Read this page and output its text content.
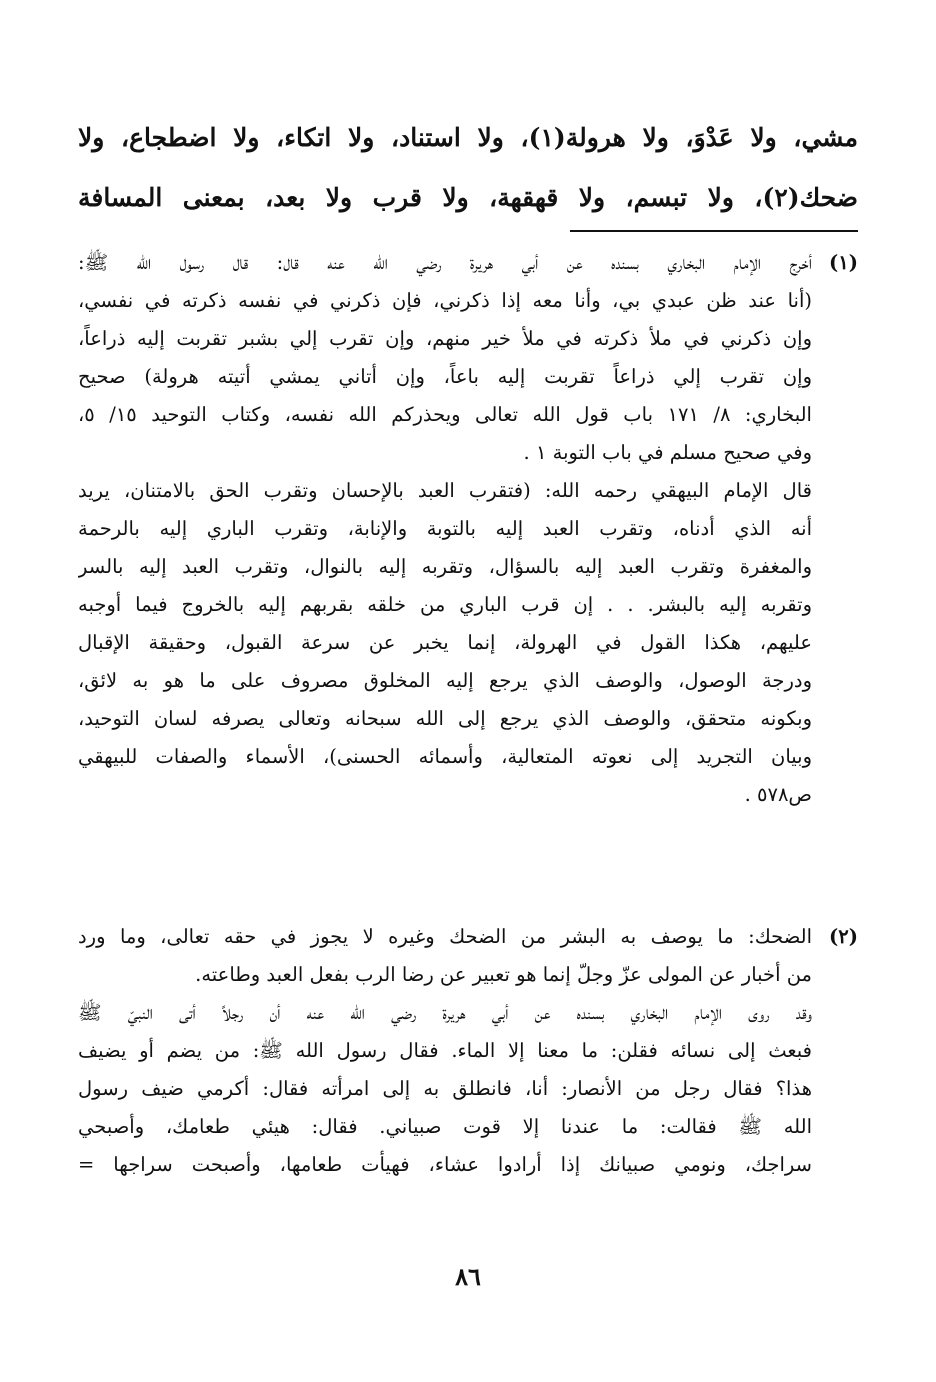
مشي، ولا عَدْوَ، ولا هرولة(١)، ولا استناد، ولا اتكاء، ولا اضطجاع، ولا
ضحك(٢)، ولا تبسم، ولا قهقهة، ولا قرب ولا بعد، بمعنى المسافة
(١)
أخرج الإمام البخاري بسنده عن أبي هريرة رضي الله عنه قال: قال رسول الله ﷺ:
(أنا عند ظن عبدي بي، وأنا معه إذا ذكرني، فإن ذكرني في نفسه ذكرته في نفسي،
وإن ذكرني في ملأ ذكرته في ملأ خير منهم، وإن تقرب إلي بشبر تقربت إليه ذراعاً،
وإن تقرب إلي ذراعاً تقربت إليه باعاً، وإن أتاني يمشي أتيته هرولة) صحيح
البخاري: ٨/ ١٧١ باب قول الله تعالى ويحذركم الله نفسه، وكتاب التوحيد ١٥/ ٥،
وفي صحيح مسلم في باب التوبة ١ .
قال الإمام البيهقي رحمه الله: (فتقرب العبد بالإحسان وتقرب الحق بالامتنان، يريد
أنه الذي أدناه، وتقرب العبد إليه بالتوبة والإنابة، وتقرب الباري إليه بالرحمة
والمغفرة وتقرب العبد إليه بالسؤال، وتقربه إليه بالنوال، وتقرب العبد إليه بالسر
وتقربه إليه بالبشر. . . إن قرب الباري من خلقه بقربهم إليه بالخروج فيما أوجبه
عليهم، هكذا القول في الهرولة، إنما يخبر عن سرعة القبول، وحقيقة الإقبال
ودرجة الوصول، والوصف الذي يرجع إليه المخلوق مصروف على ما هو به لائق،
وبكونه متحقق، والوصف الذي يرجع إلى الله سبحانه وتعالى يصرفه لسان التوحيد،
وبيان التجريد إلى نعوته المتعالية، وأسمائه الحسنى)، الأسماء والصفات للبيهقي
ص٥٧٨ .
(٢)
الضحك: ما يوصف به البشر من الضحك وغيره لا يجوز في حقه تعالى، وما ورد
من أخبار عن المولى عزّ وجلّ إنما هو تعبير عن رضا الرب بفعل العبد وطاعته.
وقد روى الإمام البخاري بسنده عن أبي هريرة رضي الله عنه أن رجلاً أتى النبيّ ﷺ
فبعث إلى نسائه فقلن: ما معنا إلا الماء. فقال رسول الله ﷺ: من يضم أو يضيف
هذا؟ فقال رجل من الأنصار: أنا، فانطلق به إلى امرأته فقال: أكرمي ضيف رسول
الله ﷺ فقالت: ما عندنا إلا قوت صبياني. فقال: هيئي طعامك، وأصبحي
سراجك، ونومي صبيانك إذا أرادوا عشاء، فهيأت طعامها، وأصبحت سراجها =
٨٦
